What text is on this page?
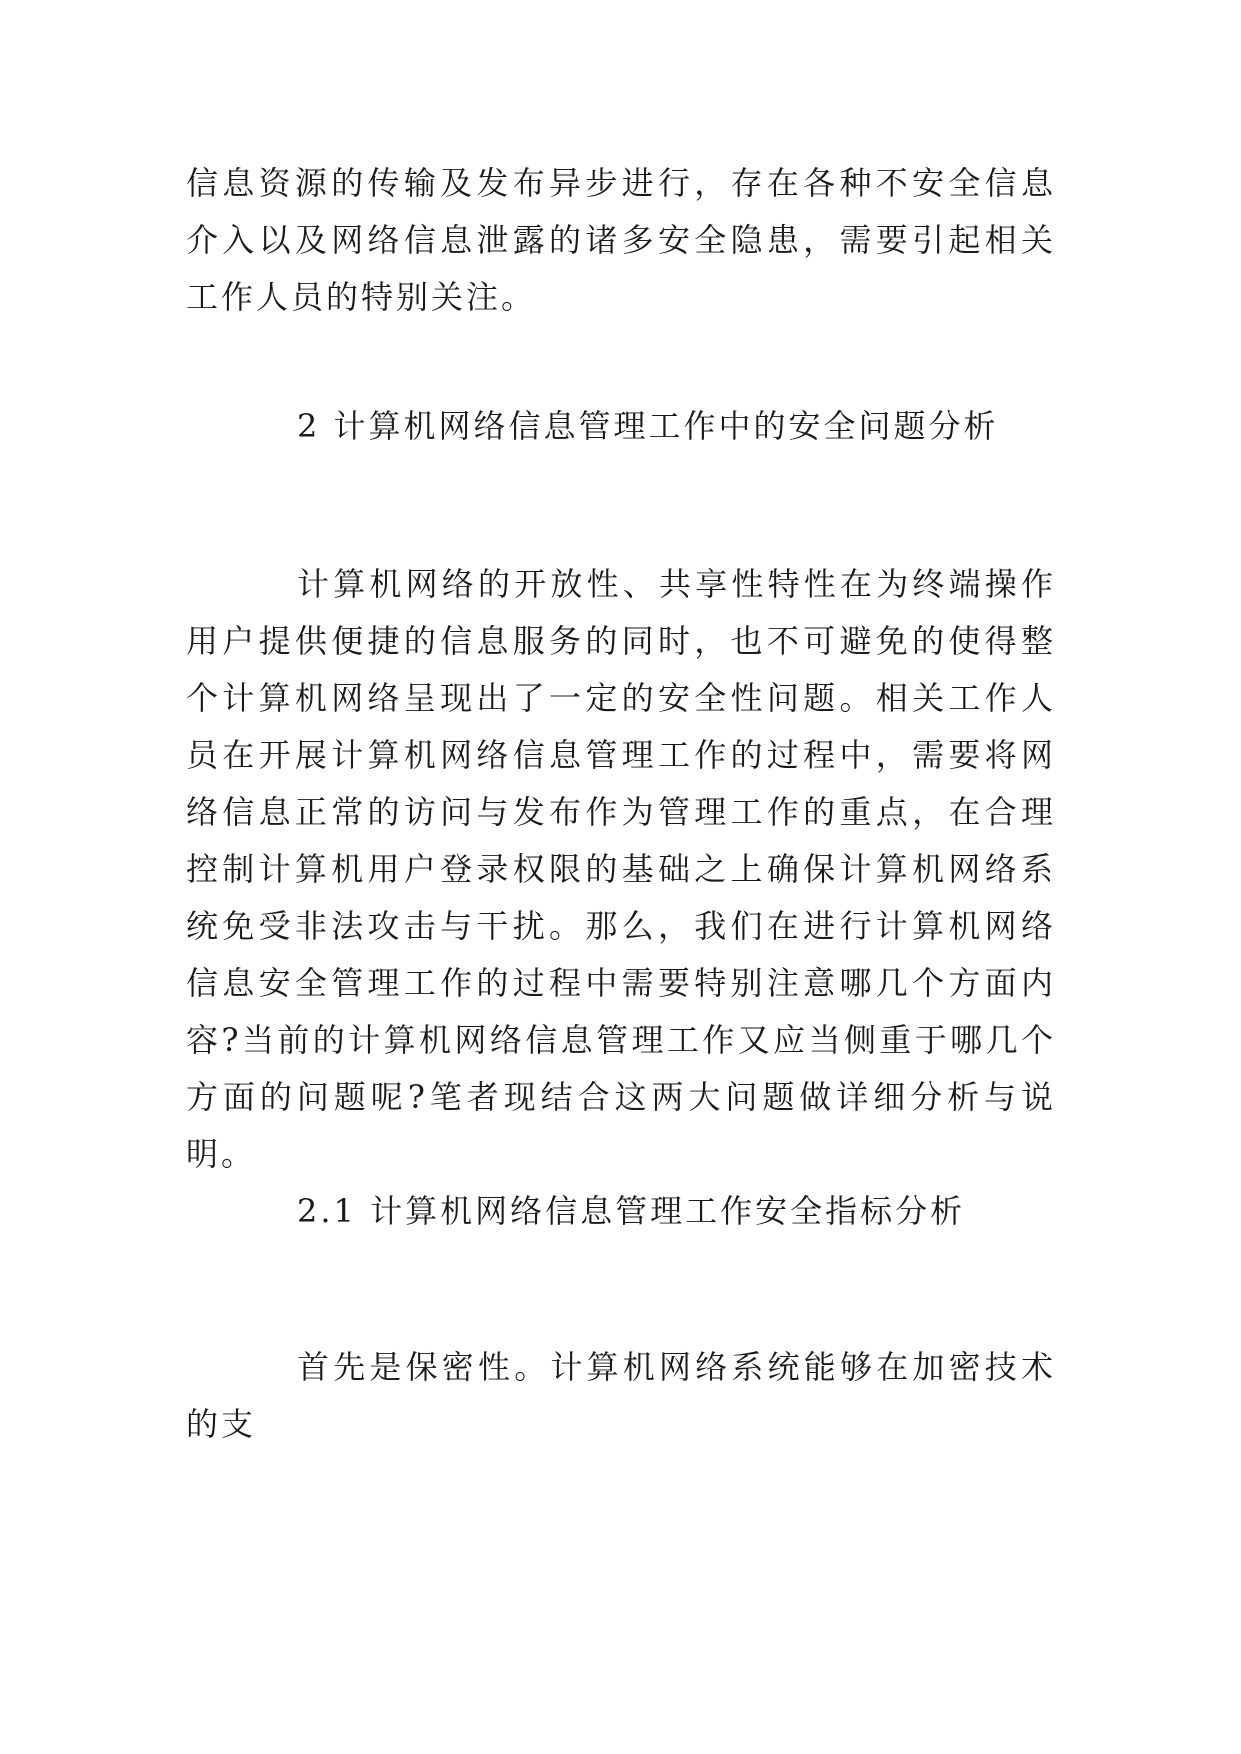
信息资源的传输及发布异步进行，存在各种不安全信息介入以及网络信息泄露的诸多安全隐患，需要引起相关工作人员的特别关注。
2 计算机网络信息管理工作中的安全问题分析
计算机网络的开放性、共享性特性在为终端操作用户提供便捷的信息服务的同时，也不可避免的使得整个计算机网络呈现出了一定的安全性问题。相关工作人员在开展计算机网络信息管理工作的过程中，需要将网络信息正常的访问与发布作为管理工作的重点，在合理控制计算机用户登录权限的基础之上确保计算机网络系统免受非法攻击与干扰。那么，我们在进行计算机网络信息安全管理工作的过程中需要特别注意哪几个方面内容?当前的计算机网络信息管理工作又应当侧重于哪几个方面的问题呢?笔者现结合这两大问题做详细分析与说明。
2.1 计算机网络信息管理工作安全指标分析
首先是保密性。计算机网络系统能够在加密技术的支
